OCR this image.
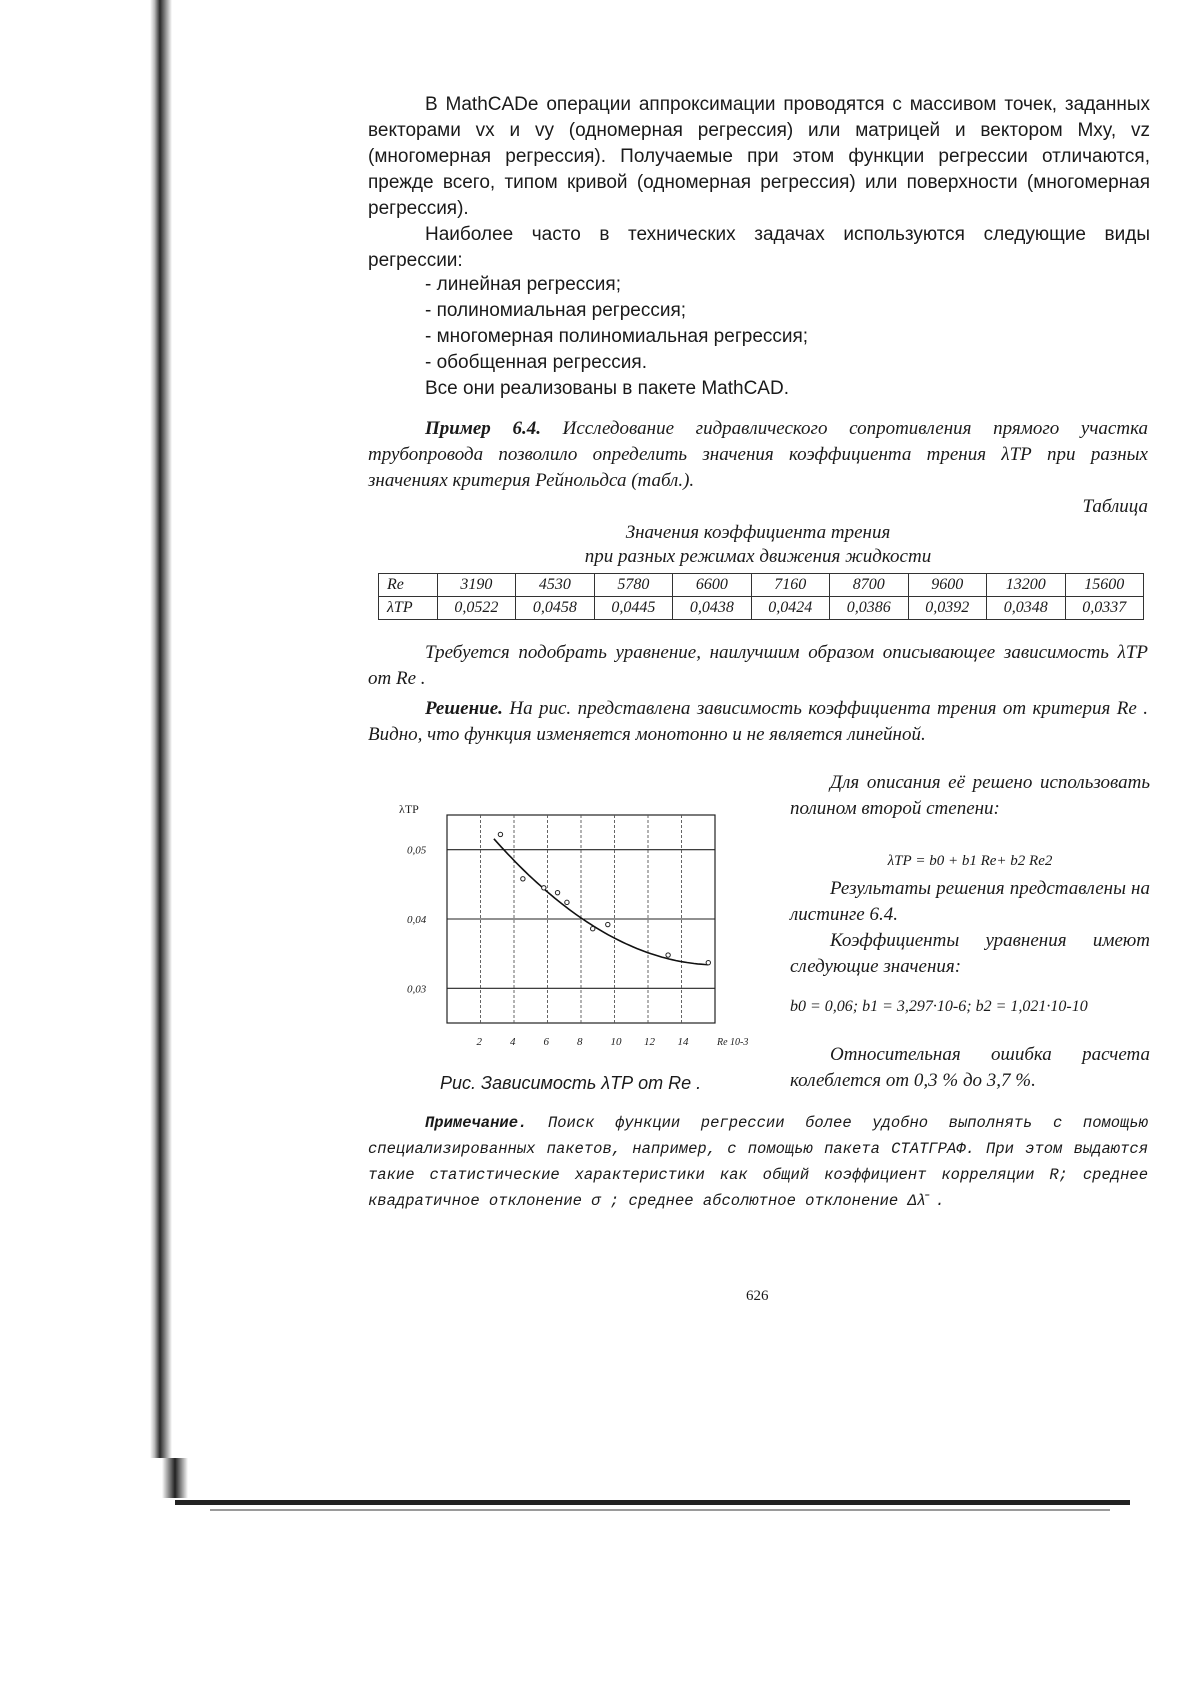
В MathCADe операции аппроксимации проводятся с массивом точек, заданных векторами vx и vy (одномерная регрессия) или матрицей и вектором Mxy, vz (многомерная регрессия). Получаемые при этом функции регрессии отличаются, прежде всего, типом кривой (одномерная регрессия) или поверхности (многомерная регрессия).

Наиболее часто в технических задачах используются следующие виды регрессии:

- линейная регрессия;

- полиномиальная регрессия;

- многомерная полиномиальная регрессия;

- обобщенная регрессия.

Все они реализованы в пакете MathCAD.

Пример 6.4. Исследование гидравлического сопротивления прямого участка трубопровода позволило определить значения коэффициента трения λТР при разных значениях критерия Рейнольдса (табл.).

Таблица

Значения коэффициента трения

при разных режимах движения жидкости

Re	3190	4530	5780	6600	7160	8700	9600	13200	15600
λТР	0,0522	0,0458	0,0445	0,0438	0,0424	0,0386	0,0392	0,0348	0,0337

Требуется подобрать уравнение, наилучшим образом описывающее зависимость λТР от Re .

Решение. На рис. представлена зависимость коэффициента трения от критерия Re . Видно, что функция изменяется монотонно и не является линейной.

0,05
0,04
0,03
2	4	6	8	10 12 14
λТР
Re 10-3

Рис. Зависимость λТР от Re .

Для описания её решено использовать полином второй степени:

λТР = b0 + b1 Re+ b2 Re2

Результаты решения представлены на листинге 6.4.

Коэффициенты уравнения имеют следующие значения:

b0 = 0,06; b1 = 3,297·10-6; b2 = 1,021·10-10

Относительная ошибка расчета колеблется от 0,3 % до 3,7 %.

Примечание. Поиск функции регрессии более удобно выполнять с помощью специализированных пакетов, например, с помощью пакета СТАТГРАФ. При этом выдаются такие статистические характеристики как общий коэффициент корреляции R; среднее квадратичное отклонение σ ; среднее абсолютное отклонение Δλ̄ .

626
